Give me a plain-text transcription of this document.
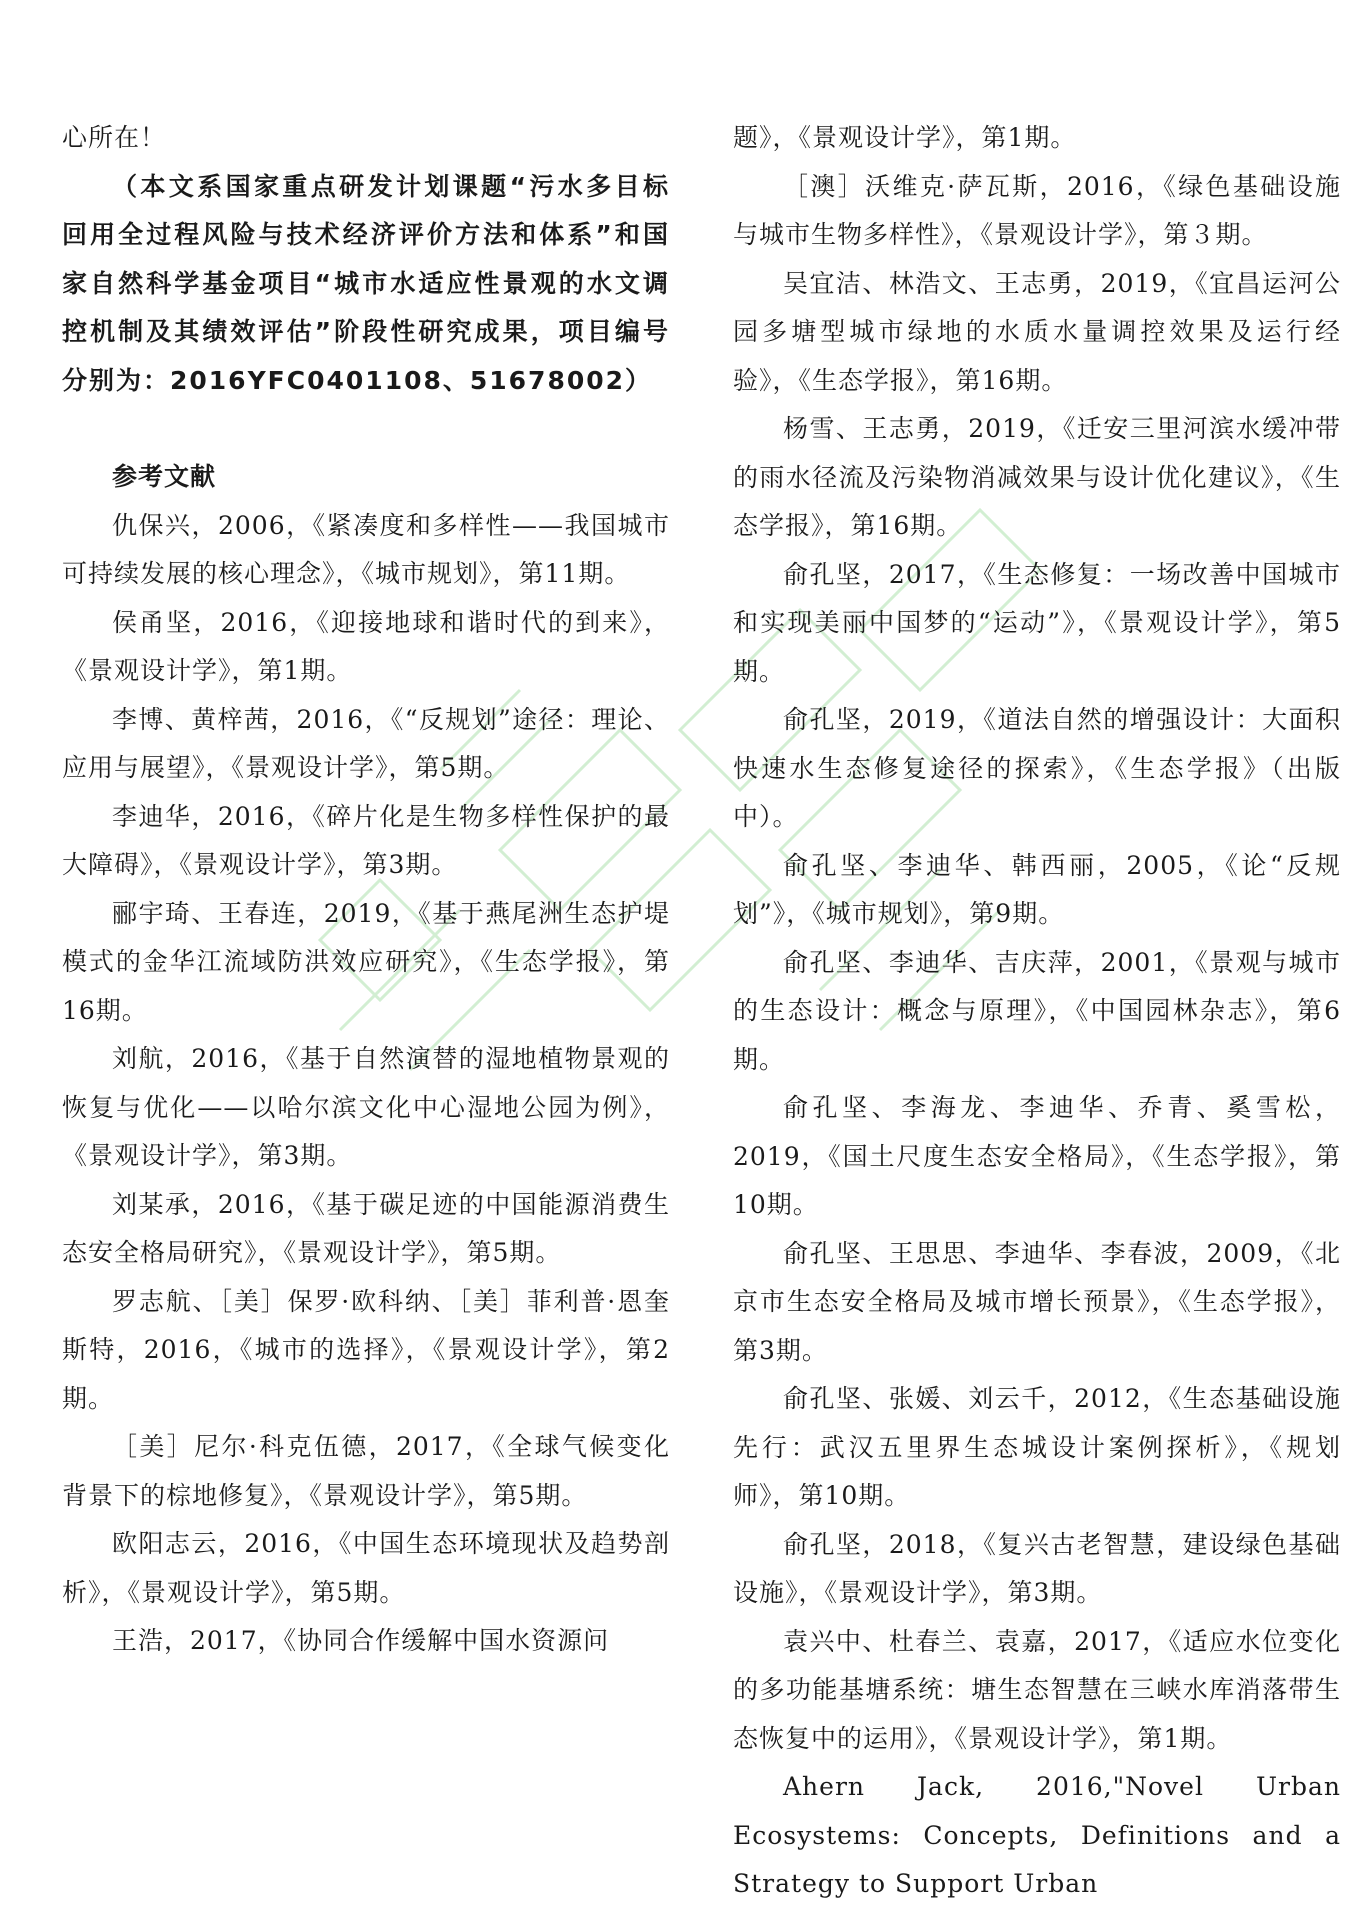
心所在！

（本文系国家重点研发计划课题“污水多目标回用全过程风险与技术经济评价方法和体系”和国家自然科学基金项目“城市水适应性景观的水文调控机制及其绩效评估”阶段性研究成果，项目编号分别为：2016YFC0401108、51678002）

参考文献

仇保兴，2006，《紧凑度和多样性——我国城市可持续发展的核心理念》，《城市规划》，第11期。

侯甬坚，2016，《迎接地球和谐时代的到来》，《景观设计学》，第1期。

李博、黄梓茜，2016，《“反规划”途径：理论、应用与展望》，《景观设计学》，第5期。

李迪华，2016，《碎片化是生物多样性保护的最大障碍》，《景观设计学》，第3期。

郦宇琦、王春连，2019，《基于燕尾洲生态护堤模式的金华江流域防洪效应研究》，《生态学报》，第16期。

刘航，2016，《基于自然演替的湿地植物景观的恢复与优化——以哈尔滨文化中心湿地公园为例》，《景观设计学》，第3期。

刘某承，2016，《基于碳足迹的中国能源消费生态安全格局研究》，《景观设计学》，第5期。

罗志航、［美］保罗·欧科纳、［美］菲利普·恩奎斯特，2016，《城市的选择》，《景观设计学》，第2期。

［美］尼尔·科克伍德，2017，《全球气候变化背景下的棕地修复》，《景观设计学》，第5期。

欧阳志云，2016，《中国生态环境现状及趋势剖析》，《景观设计学》，第5期。

王浩，2017，《协同合作缓解中国水资源问

题》，《景观设计学》，第1期。

［澳］沃维克·萨瓦斯，2016，《绿色基础设施与城市生物多样性》，《景观设计学》，第３期。

吴宜洁、林浩文、王志勇，2019，《宜昌运河公园多塘型城市绿地的水质水量调控效果及运行经验》，《生态学报》，第16期。

杨雪、王志勇，2019，《迁安三里河滨水缓冲带的雨水径流及污染物消减效果与设计优化建议》，《生态学报》，第16期。

俞孔坚，2017，《生态修复：一场改善中国城市和实现美丽中国梦的“运动”》，《景观设计学》，第5期。

俞孔坚，2019，《道法自然的增强设计：大面积快速水生态修复途径的探索》，《生态学报》（出版中）。

俞孔坚、李迪华、韩西丽，2005，《论“反规划”》，《城市规划》，第9期。

俞孔坚、李迪华、吉庆萍，2001，《景观与城市的生态设计：概念与原理》，《中国园林杂志》，第6期。

俞孔坚、李海龙、李迪华、乔青、奚雪松，2019，《国土尺度生态安全格局》，《生态学报》，第10期。

俞孔坚、王思思、李迪华、李春波，2009，《北京市生态安全格局及城市增长预景》，《生态学报》，第3期。

俞孔坚、张媛、刘云千，2012，《生态基础设施先行：武汉五里界生态城设计案例探析》，《规划师》，第10期。

俞孔坚，2018，《复兴古老智慧，建设绿色基础设施》，《景观设计学》，第3期。

袁兴中、杜春兰、袁嘉，2017，《适应水位变化的多功能基塘系统：塘生态智慧在三峡水库消落带生态恢复中的运用》，《景观设计学》，第1期。

Ahern Jack, 2016,"Novel Urban Ecosystems: Concepts, Definitions and a Strategy to Support Urban
